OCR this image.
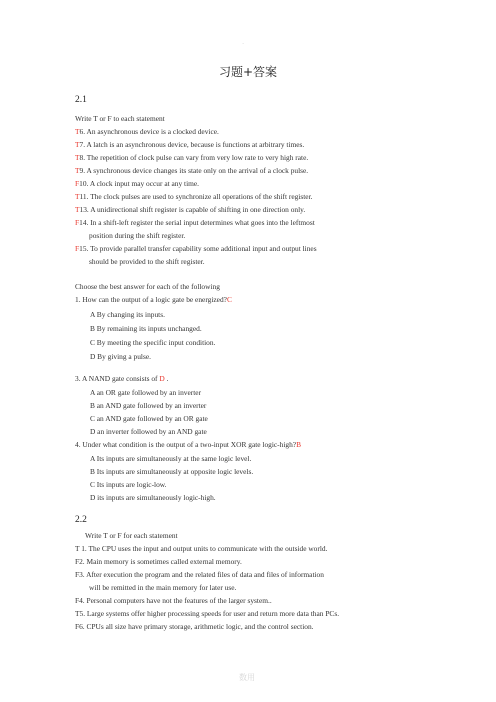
·
习题+答案
2.1
Write T or F to each statement
T6. An asynchronous device is a clocked device.
T7. A latch is an asynchronous device, because is functions at arbitrary times.
T8. The repetition of clock pulse can vary from very low rate to very high rate.
T9. A synchronous device changes its state only on the arrival of a clock pulse.
F10. A clock input may occur at any time.
T11. The clock pulses are used to synchronize all operations of the shift register.
T13. A unidirectional shift register is capable of shifting in one direction only.
F14. In a shift-left register the serial input determines what goes into the leftmost
position during the shift register.
F15. To provide parallel transfer capability some additional input and output lines
should be provided to the shift register.
Choose the best answer for each of the following
1. How can the output of a logic gate be energized?C
A By changing its inputs.
B By remaining its inputs unchanged.
C By meeting the specific input condition.
D By giving a pulse.
3. A NAND gate consists of D .
A an OR gate followed by an inverter
B an AND gate followed by an inverter
C an AND gate followed by an OR gate
D an inverter followed by an AND gate
4. Under what condition is the output of a two-input XOR gate logic-high?B
A Its inputs are simultaneously at the same logic level.
B Its inputs are simultaneously at opposite logic levels.
C Its inputs are logic-low.
D its inputs are simultaneously logic-high.
2.2
Write T or F for each statement
T 1. The CPU uses the input and output units to communicate with the outside world.
F2. Main memory is sometimes called external memory.
F3. After execution the program and the related files of data and files of information
will be remitted in the main memory for later use.
F4. Personal computers have not the features of the larger system..
T5. Large systems offer higher processing speeds for user and return more data than PCs.
F6. CPUs all size have primary storage, arithmetic logic, and the control section.
数用
